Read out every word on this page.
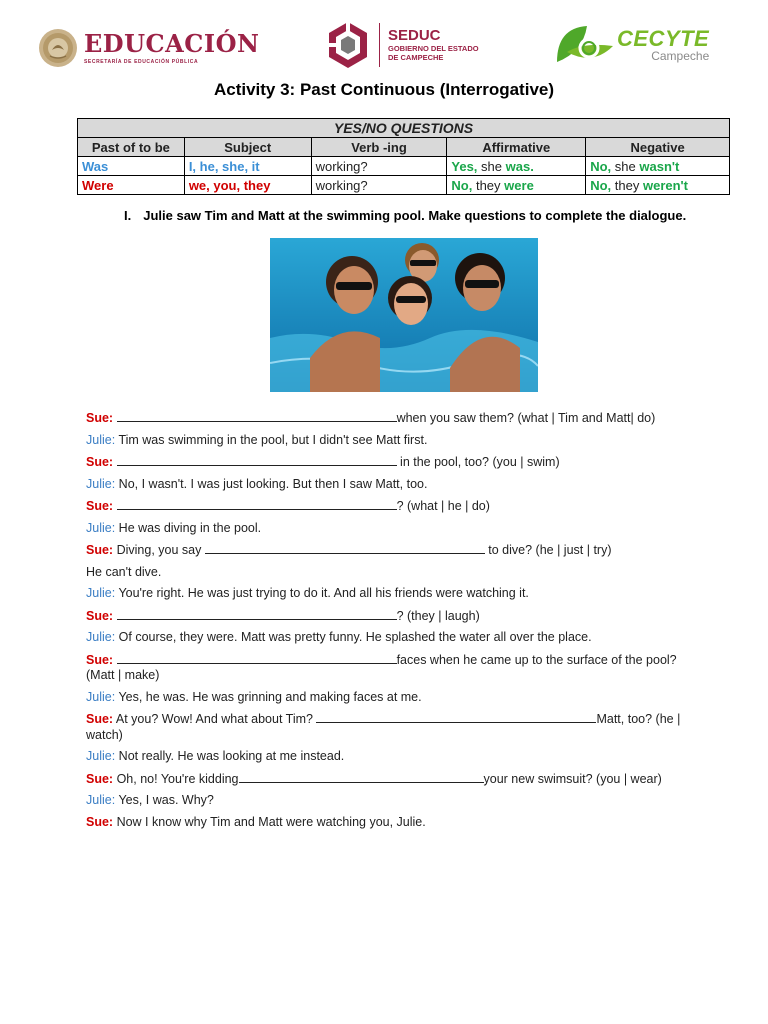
EDUCACIÓN
SECRETARÍA DE EDUCACIÓN PÚBLICA
SEDUC
GOBIERNO DEL ESTADO
DE CAMPECHE
CECYTE
Campeche
Activity 3: Past Continuous (Interrogative)
YES/NO QUESTIONS				
Past of to be	Subject	Verb -ing	Affirmative	Negative
Was	I, he, she, it	working?	Yes, she was.	No, she wasn't
Were	we, you, they	working?	No, they were	No, they weren't
I. Julie saw Tim and Matt at the swimming pool. Make questions to complete the dialogue.
Sue:	when you saw them? (what | Tim and Matt| do)
Julie: Tim was swimming in the pool, but I didn't see Matt first.
Sue:	in the pool, too? (you | swim)
Julie: No, I wasn't. I was just looking. But then I saw Matt, too.
Sue:	? (what | he | do)
Julie: He was diving in the pool.
Sue: Diving, you say	to dive? (he | just | try)
He can't dive.
Julie: You're right. He was just trying to do it. And all his friends were watching it.
Sue:	? (they | laugh)
Julie: Of course, they were. Matt was pretty funny. He splashed the water all over the place.
Sue:	faces when he came up to the surface of the pool? (Matt | make)
Julie: Yes, he was. He was grinning and making faces at me.
Sue: At you? Wow! And what about Tim?	Matt, too? (he | watch)
Julie: Not really. He was looking at me instead.
Sue: Oh, no! You're kidding	your new swimsuit? (you | wear)
Julie: Yes, I was. Why?
Sue: Now I know why Tim and Matt were watching you, Julie.
